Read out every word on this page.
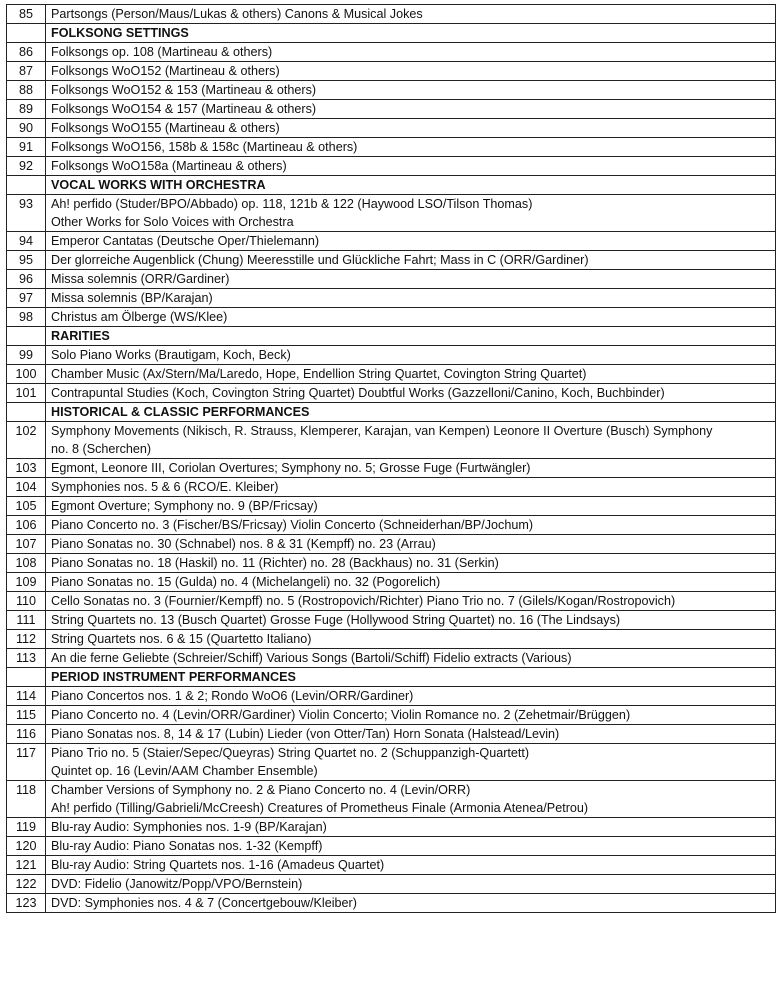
85	Partsongs (Person/Maus/Lukas & others) Canons & Musical Jokes

	FOLKSONG SETTINGS
86	Folksongs op. 108 (Martineau & others)

87	Folksongs WoO152 (Martineau & others)

88	Folksongs WoO152 & 153 (Martineau & others)

89	Folksongs WoO154 & 157 (Martineau & others)

90	Folksongs WoO155 (Martineau & others)

91	Folksongs WoO156, 158b & 158c (Martineau & others)

92	Folksongs WoO158a (Martineau & others)

	VOCAL WORKS WITH ORCHESTRA
93	Ah! perfido (Studer/BPO/Abbado) op. 118, 121b & 122 (Haywood LSO/Tilson Thomas)
Other Works for Solo Voices with Orchestra

94	Emperor Cantatas (Deutsche Oper/Thielemann)

95	Der glorreiche Augenblick (Chung) Meeresstille und Glückliche Fahrt; Mass in C (ORR/Gardiner)

96	Missa solemnis (ORR/Gardiner)

97	Missa solemnis (BP/Karajan)

98	Christus am Ölberge (WS/Klee)

	RARITIES
99	Solo Piano Works (Brautigam, Koch, Beck)

100	Chamber Music (Ax/Stern/Ma/Laredo, Hope, Endellion String Quartet, Covington String Quartet)

101	Contrapuntal Studies (Koch, Covington String Quartet) Doubtful Works (Gazzelloni/Canino, Koch, Buchbinder)

	HISTORICAL & CLASSIC PERFORMANCES
102	Symphony Movements (Nikisch, R. Strauss, Klemperer, Karajan, van Kempen) Leonore II Overture (Busch) Symphony
no. 8 (Scherchen)

103	Egmont, Leonore III, Coriolan Overtures; Symphony no. 5; Grosse Fuge (Furtwängler)

104	Symphonies nos. 5 & 6 (RCO/E. Kleiber)

105	Egmont Overture; Symphony no. 9 (BP/Fricsay)

106	Piano Concerto no. 3 (Fischer/BS/Fricsay) Violin Concerto (Schneiderhan/BP/Jochum)

107	Piano Sonatas no. 30 (Schnabel) nos. 8 & 31 (Kempff) no. 23 (Arrau)

108	Piano Sonatas no. 18 (Haskil) no. 11 (Richter) no. 28 (Backhaus) no. 31 (Serkin)

109	Piano Sonatas no. 15 (Gulda) no. 4 (Michelangeli) no. 32 (Pogorelich)

110	Cello Sonatas no. 3 (Fournier/Kempff) no. 5 (Rostropovich/Richter) Piano Trio no. 7 (Gilels/Kogan/Rostropovich)

111	String Quartets no. 13 (Busch Quartet) Grosse Fuge (Hollywood String Quartet) no. 16 (The Lindsays)

112	String Quartets nos. 6 & 15 (Quartetto Italiano)

113	An die ferne Geliebte (Schreier/Schiff) Various Songs (Bartoli/Schiff) Fidelio extracts (Various)

	PERIOD INSTRUMENT PERFORMANCES
114	Piano Concertos nos. 1 & 2; Rondo WoO6 (Levin/ORR/Gardiner)

115	Piano Concerto no. 4 (Levin/ORR/Gardiner) Violin Concerto; Violin Romance no. 2 (Zehetmair/Brüggen)

116	Piano Sonatas nos. 8, 14 & 17 (Lubin) Lieder (von Otter/Tan) Horn Sonata (Halstead/Levin)

117	Piano Trio no. 5 (Staier/Sepec/Queyras) String Quartet no. 2 (Schuppanzigh-Quartett)
Quintet op. 16 (Levin/AAM Chamber Ensemble)

118	Chamber Versions of Symphony no. 2 & Piano Concerto no. 4 (Levin/ORR)
Ah! perfido (Tilling/Gabrieli/McCreesh) Creatures of Prometheus Finale (Armonia Atenea/Petrou)

119	Blu-ray Audio: Symphonies nos. 1-9 (BP/Karajan)

120	Blu-ray Audio: Piano Sonatas nos. 1-32 (Kempff)

121	Blu-ray Audio: String Quartets nos. 1-16 (Amadeus Quartet)

122	DVD: Fidelio (Janowitz/Popp/VPO/Bernstein)

123	DVD: Symphonies nos. 4 & 7 (Concertgebouw/Kleiber)
